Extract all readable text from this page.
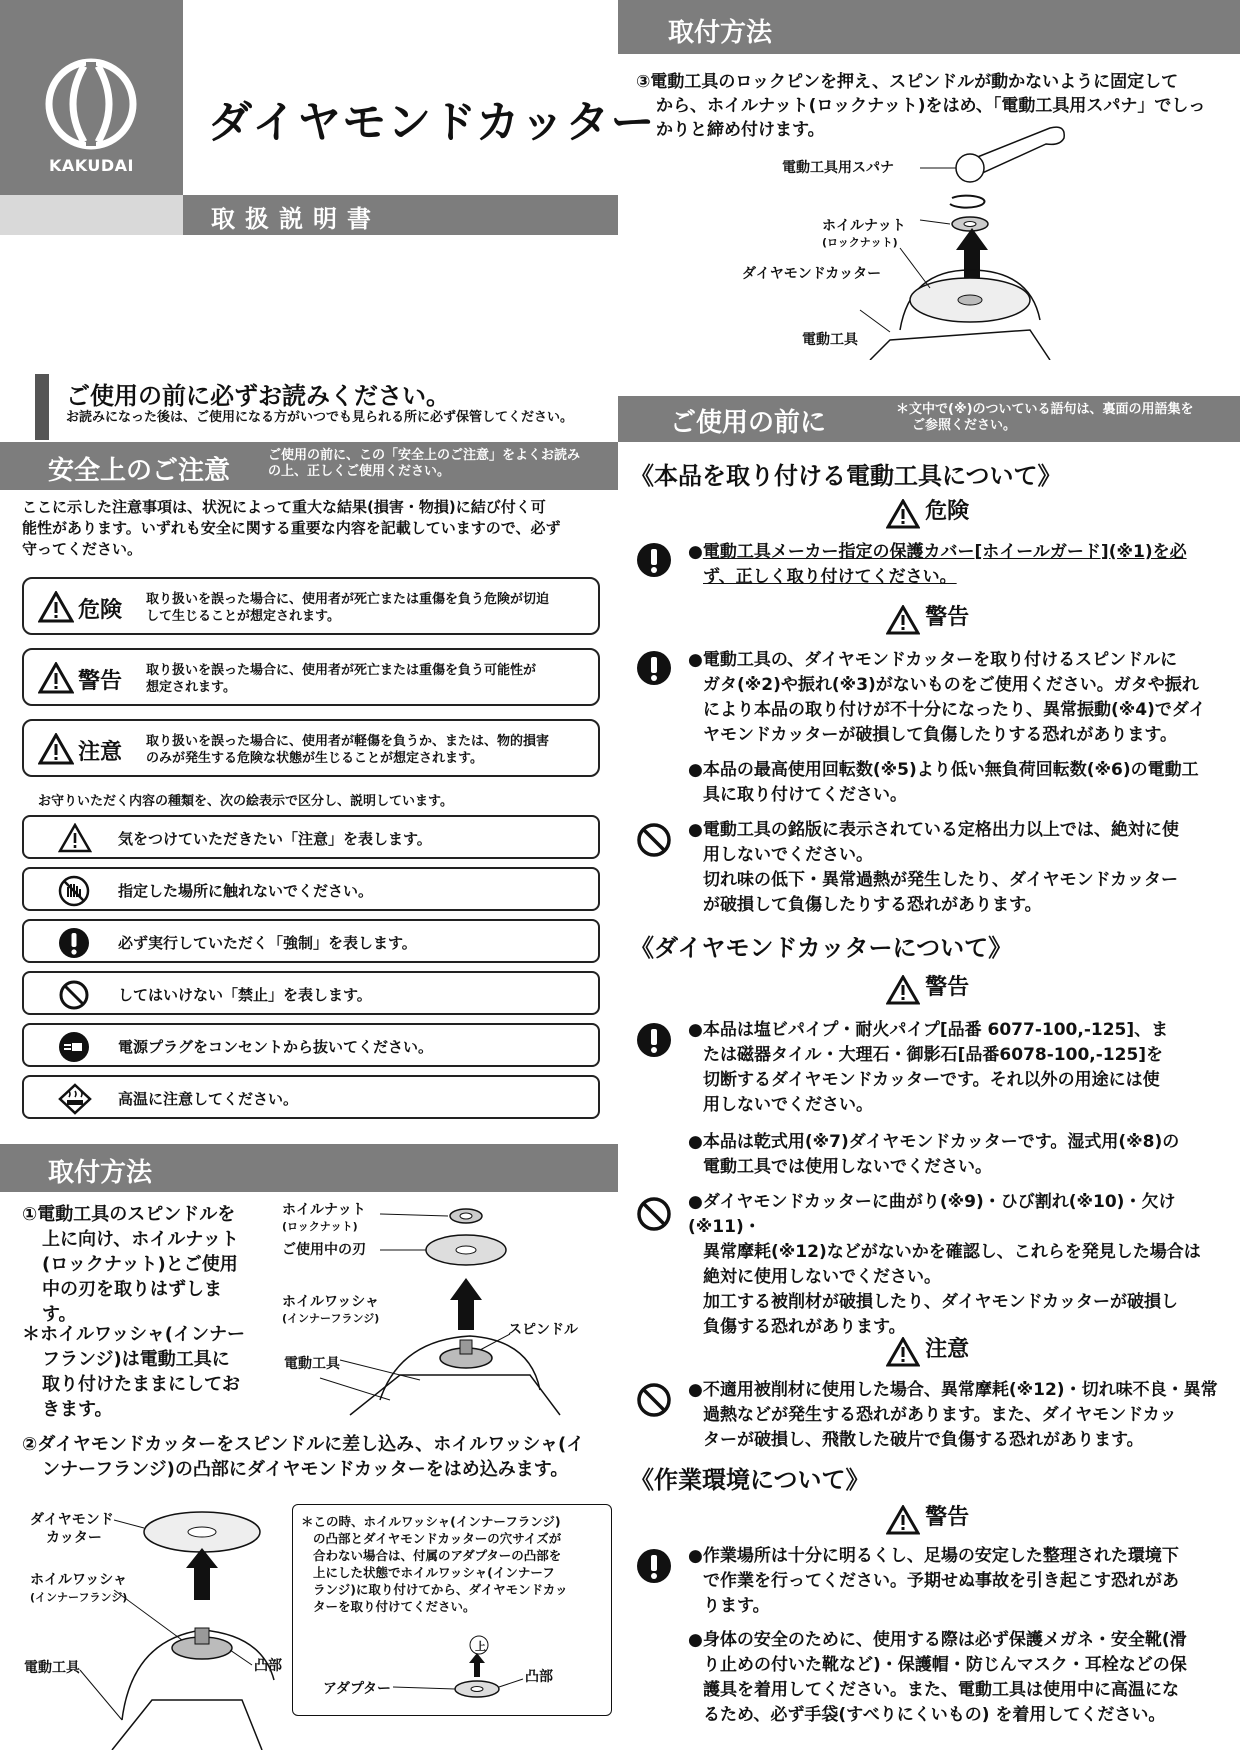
KAKUDAI
ダイヤモンドカッター
取扱説明書
ご使用の前に必ずお読みください。
お読みになった後は、ご使用になる方がいつでも見られる所に必ず保管してください。
安全上のご注意
ご使用の前に、この「安全上のご注意」をよくお読み
の上、正しくご使用ください。
ここに示した注意事項は、状況によって重大な結果(損害・物損)に結び付く可
能性があります。いずれも安全に関する重要な内容を記載していますので、必ず
守ってください。
危険 取り扱いを誤った場合に、使用者が死亡または重傷を負う危険が切迫
して生じることが想定されます。
警告 取り扱いを誤った場合に、使用者が死亡または重傷を負う可能性が
想定されます。
注意 取り扱いを誤った場合に、使用者が軽傷を負うか、または、物的損害
のみが発生する危険な状態が生じることが想定されます。
お守りいただく内容の種類を、次の絵表示で区分し、説明しています。
気をつけていただきたい「注意」を表します。
指定した場所に触れないでください。
必ず実行していただく「強制」を表します。
してはいけない「禁止」を表します。
電源プラグをコンセントから抜いてください。
高温に注意してください。
取付方法
①電動工具のスピンドルを
上に向け、ホイルナット
(ロックナット)とご使用
中の刃を取りはずします。
＊ホイルワッシャ(インナー
フランジ)は電動工具に
取り付けたままにしてお
きます。
ホイルナット
(ロックナット)
ご使用中の刃
ホイルワッシャ
(インナーフランジ)
スピンドル
電動工具
②ダイヤモンドカッターをスピンドルに差し込み、ホイルワッシャ(イ
ンナーフランジ)の凸部にダイヤモンドカッターをはめ込みます。
ダイヤモンド
カッター
ホイルワッシャ
(インナーフランジ)
凸部
電動工具
＊この時、ホイルワッシャ(インナーフランジ)
の凸部とダイヤモンドカッターの穴サイズが
合わない場合は、付属のアダプターの凸部を
上にした状態でホイルワッシャ(インナーフ
ランジ)に取り付けてから、ダイヤモンドカッ
ターを取り付けてください。
上
アダプター
凸部
取付方法
③電動工具のロックピンを押え、スピンドルが動かないように固定して
から、ホイルナット(ロックナット)をはめ、「電動工具用スパナ」でしっ
かりと締め付けます。
電動工具用スパナ
ホイルナット
(ロックナット)
ダイヤモンドカッター
電動工具
ご使用の前に	＊文中で(※)のついている語句は、裏面の用語集を
ご参照ください。
《本品を取り付ける電動工具について》
危険
●電動工具メーカー指定の保護カバー[ホイールガード](※1)を必
ず、正しく取り付けてください。
警告
●電動工具の、ダイヤモンドカッターを取り付けるスピンドルに
ガタ(※2)や振れ(※3)がないものをご使用ください。ガタや振れ
により本品の取り付けが不十分になったり、異常振動(※4)でダイ
ヤモンドカッターが破損して負傷したりする恐れがあります。
●本品の最高使用回転数(※5)より低い無負荷回転数(※6)の電動工
具に取り付けてください。
●電動工具の銘版に表示されている定格出力以上では、絶対に使
用しないでください。
切れ味の低下・異常過熱が発生したり、ダイヤモンドカッター
が破損して負傷したりする恐れがあります。
《ダイヤモンドカッターについて》
警告
●本品は塩ビパイプ・耐火パイプ[品番 6077-100,-125]、ま
たは磁器タイル・大理石・御影石[品番6078-100,-125]を
切断するダイヤモンドカッターです。それ以外の用途には使
用しないでください。
●本品は乾式用(※7)ダイヤモンドカッターです。湿式用(※8)の
電動工具では使用しないでください。
●ダイヤモンドカッターに曲がり(※9)・ひび割れ(※10)・欠け(※11)・
異常摩耗(※12)などがないかを確認し、これらを発見した場合は
絶対に使用しないでください。
加工する被削材が破損したり、ダイヤモンドカッターが破損し
負傷する恐れがあります。
注意
●不適用被削材に使用した場合、異常摩耗(※12)・切れ味不良・異常
過熱などが発生する恐れがあります。また、ダイヤモンドカッ
ターが破損し、飛散した破片で負傷する恐れがあります。
《作業環境について》
警告
●作業場所は十分に明るくし、足場の安定した整理された環境下
で作業を行ってください。予期せぬ事故を引き起こす恐れがあ
ります。
●身体の安全のために、使用する際は必ず保護メガネ・安全靴(滑
り止めの付いた靴など)・保護帽・防じんマスク・耳栓などの保
護具を着用してください。また、電動工具は使用中に高温にな
るため、必ず手袋(すべりにくいもの) を着用してください。
